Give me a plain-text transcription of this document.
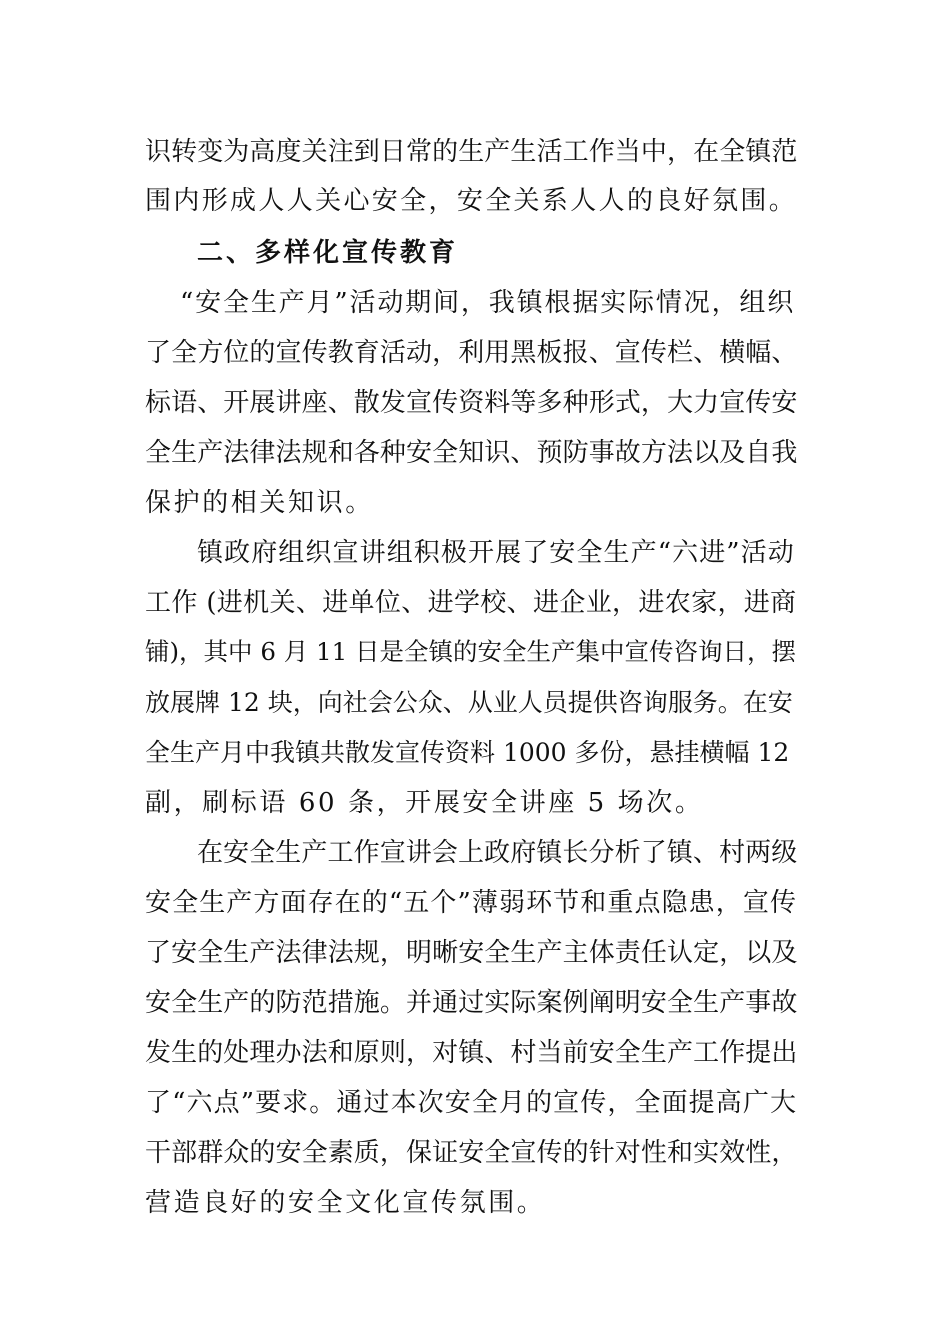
识转变为高度关注到日常的生产生活工作当中，在全镇范
围内形成人人关心安全，安全关系人人的良好氛围。
二、多样化宣传教育
“安全生产月”活动期间，我镇根据实际情况，组织
了全方位的宣传教育活动，利用黑板报、宣传栏、横幅、
标语、开展讲座、散发宣传资料等多种形式，大力宣传安
全生产法律法规和各种安全知识、预防事故方法以及自我
保护的相关知识。
镇政府组织宣讲组积极开展了安全生产“六进”活动
工作 (进机关、进单位、进学校、进企业，进农家，进商
铺)，其中 6 月 11 日是全镇的安全生产集中宣传咨询日，摆
放展牌 12 块，向社会公众、从业人员提供咨询服务。在安
全生产月中我镇共散发宣传资料 1000 多份，悬挂横幅 12
副，刷标语 60 条，开展安全讲座 5 场次。
在安全生产工作宣讲会上政府镇长分析了镇、村两级
安全生产方面存在的“五个”薄弱环节和重点隐患，宣传
了安全生产法律法规，明晰安全生产主体责任认定，以及
安全生产的防范措施。并通过实际案例阐明安全生产事故
发生的处理办法和原则，对镇、村当前安全生产工作提出
了“六点”要求。通过本次安全月的宣传，全面提高广大
干部群众的安全素质，保证安全宣传的针对性和实效性，
营造良好的安全文化宣传氛围。
